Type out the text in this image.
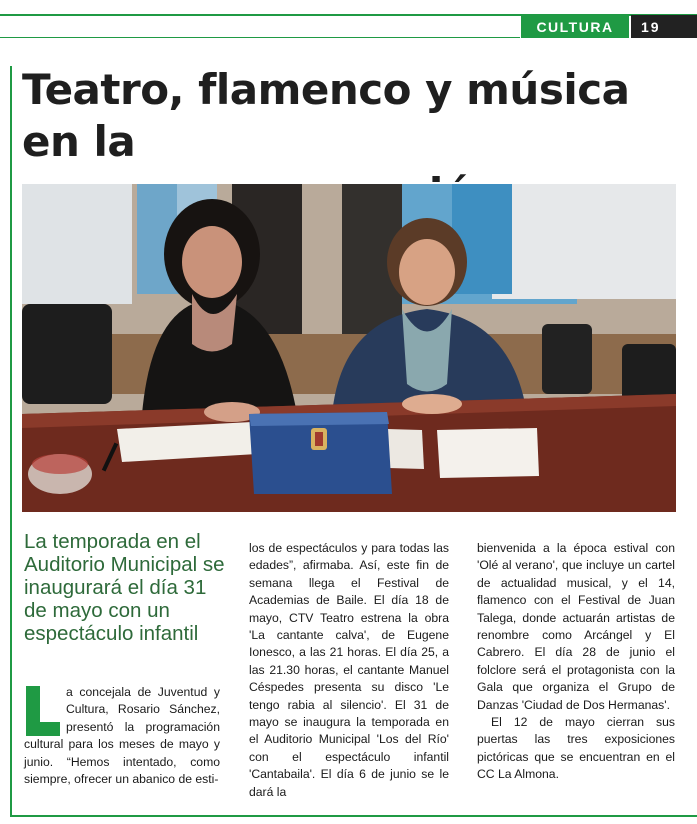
CULTURA	19
Teatro, flamenco y música en la

La temporada en el Auditorio Municipal se inaugurará el día 31 de mayo con un espectáculo infantil

a concejala de Juventud y Cultura, Rosario Sánchez, presentó la programación cultural para los meses de mayo y junio. “Hemos intentado, como siempre, ofrecer un abanico de esti-

los de espectáculos y para todas las edades”, afirmaba. Así, este fin de semana llega el Festival de Academias de Baile. El día 18 de mayo, CTV Teatro estrena la obra 'La cantante calva', de Eugene Ionesco, a las 21 horas. El día 25, a las 21.30 horas, el cantante Manuel Céspedes presenta su disco 'Le tengo rabia al silencio'. El 31 de mayo se inaugura la temporada en el Auditorio Municipal 'Los del Río' con el espectáculo infantil 'Cantabaila'. El día 6 de junio se le dará la

bienvenida a la época estival con 'Olé al verano', que incluye un cartel de actualidad musical, y el 14, flamenco con el Festival de Juan Talega, donde actuarán artistas de renombre como Arcángel y El Cabrero. El día 28 de junio el folclore será el protagonista con la Gala que organiza el Grupo de Danzas 'Ciudad de Dos Hermanas'.

El 12 de mayo cierran sus puertas las tres exposiciones pictóricas que se encuentran en el CC La Almona.
